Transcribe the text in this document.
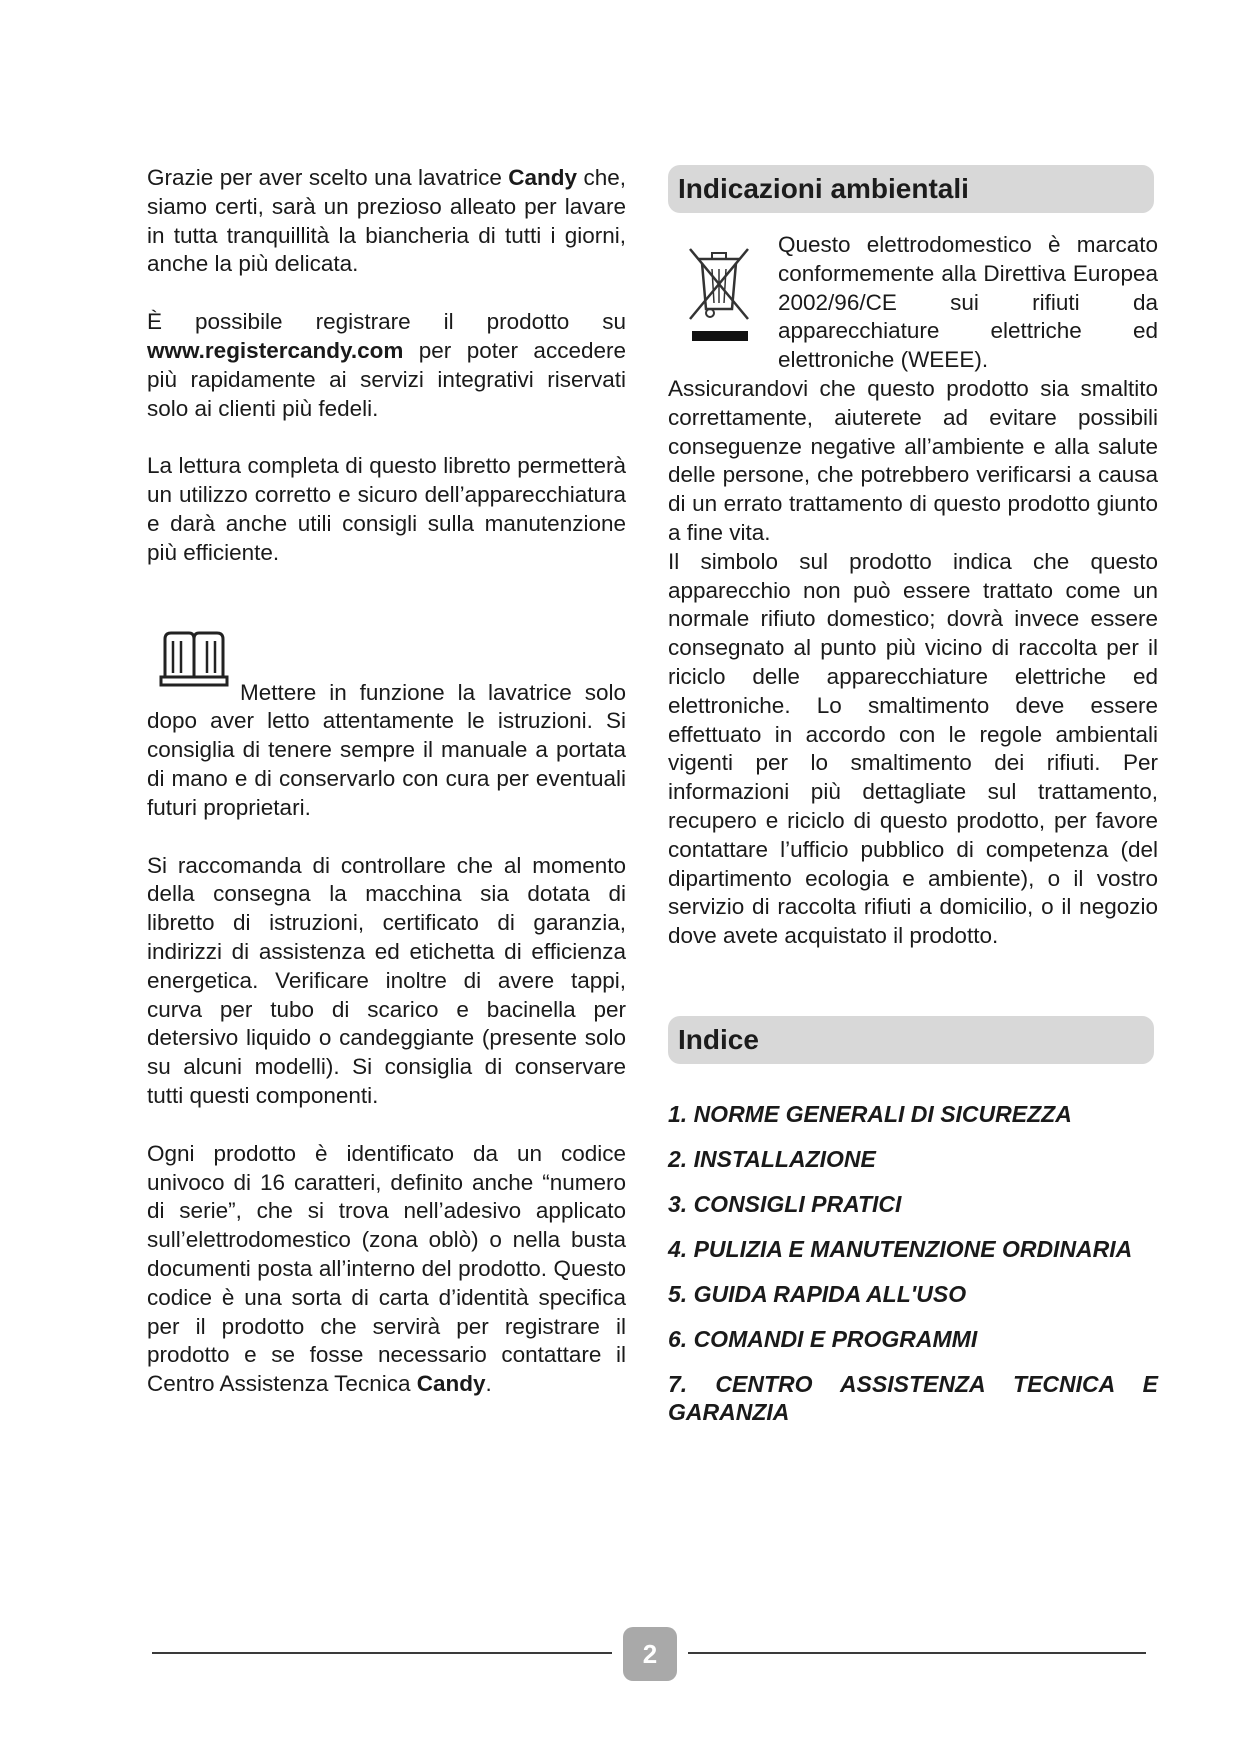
Grazie per aver scelto una lavatrice Candy che, siamo certi, sarà un prezioso alleato per lavare in tutta tranquillità la biancheria di tutti i giorni, anche la più delicata.

È possibile registrare il prodotto su www.registercandy.com per poter accedere più rapidamente ai servizi integrativi riservati solo ai clienti più fedeli.

La lettura completa di questo libretto permetterà un utilizzo corretto e sicuro dell’apparecchiatura e darà anche utili consigli sulla manutenzione più efficiente.

Mettere in funzione la lavatrice solo dopo aver letto attentamente le istruzioni. Si consiglia di tenere sempre il manuale a portata di mano e di conservarlo con cura per eventuali futuri proprietari.

Si raccomanda di controllare che al momento della consegna la macchina sia dotata di libretto di istruzioni, certificato di garanzia, indirizzi di assistenza ed etichetta di efficienza energetica. Verificare inoltre di avere tappi, curva per tubo di scarico e bacinella per detersivo liquido o candeggiante (presente solo su alcuni modelli). Si consiglia di conservare tutti questi componenti.

Ogni prodotto è identificato da un codice univoco di 16 caratteri, definito anche “numero di serie”, che si trova nell’adesivo applicato sull’elettrodomestico (zona oblò) o nella busta documenti posta all’interno del prodotto. Questo codice è una sorta di carta d’identità specifica per il prodotto che servirà per registrare il prodotto e se fosse necessario contattare il Centro Assistenza Tecnica Candy.

Indicazioni ambientali
Questo elettrodomestico è marcato conformemente alla Direttiva Europea 2002/96/CE sui rifiuti da apparecchiature elettriche ed elettroniche (WEEE).
Assicurandovi che questo prodotto sia smaltito correttamente, aiuterete ad evitare possibili conseguenze negative all’ambiente e alla salute delle persone, che potrebbero verificarsi a causa di un errato trattamento di questo prodotto giunto a fine vita.
Il simbolo sul prodotto indica che questo apparecchio non può essere trattato come un normale rifiuto domestico; dovrà invece essere consegnato al punto più vicino di raccolta per il riciclo delle apparecchiature elettriche ed elettroniche. Lo smaltimento deve essere effettuato in accordo con le regole ambientali vigenti per lo smaltimento dei rifiuti. Per informazioni più dettagliate sul trattamento, recupero e riciclo di questo prodotto, per favore contattare l’ufficio pubblico di competenza (del dipartimento ecologia e ambiente), o il vostro servizio di raccolta rifiuti a domicilio, o il negozio dove avete acquistato il prodotto.
Indice
1. NORME GENERALI DI SICUREZZA
2. INSTALLAZIONE
3. CONSIGLI PRATICI
4. PULIZIA E MANUTENZIONE ORDINARIA
5. GUIDA RAPIDA ALL'USO
6. COMANDI E PROGRAMMI
7. CENTRO ASSISTENZA TECNICA E GARANZIA
2
